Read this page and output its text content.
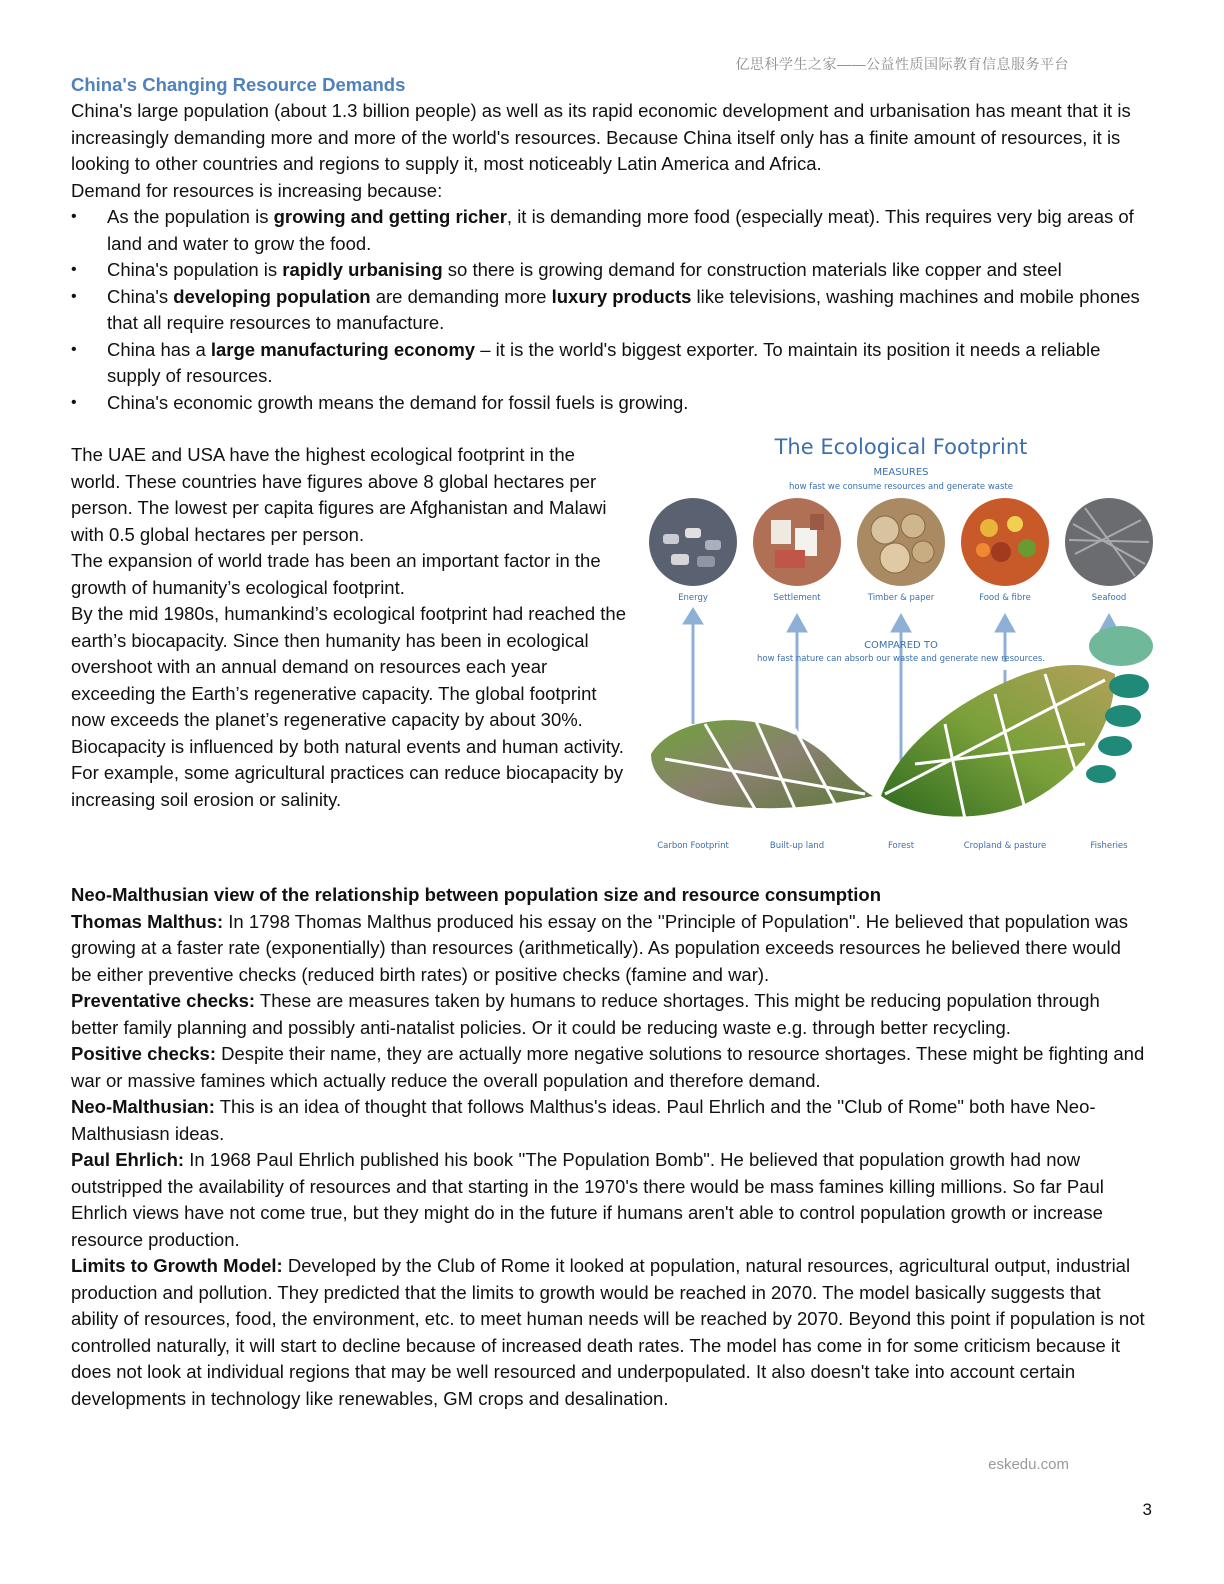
亿思科学生之家——公益性质国际教育信息服务平台
China's Changing Resource Demands

China's large population (about 1.3 billion people) as well as its rapid economic development and urbanisation has meant that it is increasingly demanding more and more of the world's resources. Because China itself only has a finite amount of resources, it is looking to other countries and regions to supply it, most noticeably Latin America and Africa.

Demand for resources is increasing because:

• As the population is growing and getting richer, it is demanding more food (especially meat). This requires very big areas of land and water to grow the food.
• China's population is rapidly urbanising so there is growing demand for construction materials like copper and steel
• China's developing population are demanding more luxury products like televisions, washing machines and mobile phones that all require resources to manufacture.
• China has a large manufacturing economy – it is the world's biggest exporter. To maintain its position it needs a reliable supply of resources.
• China's economic growth means the demand for fossil fuels is growing.

The UAE and USA have the highest ecological footprint in the world. These countries have figures above 8 global hectares per person. The lowest per capita figures are Afghanistan and Malawi with 0.5 global hectares per person.

The expansion of world trade has been an important factor in the growth of humanity’s ecological footprint.

By the mid 1980s, humankind’s ecological footprint had reached the earth’s biocapacity. Since then humanity has been in ecological overshoot with an annual demand on resources each year exceeding the Earth’s regenerative capacity. The global footprint now exceeds the planet’s regenerative capacity by about 30%.

Biocapacity is influenced by both natural events and human activity. For example, some agricultural practices can reduce biocapacity by increasing soil erosion or salinity.

The Ecological Footprint
MEASURES
how fast we consume resources and generate waste
Energy	Settlement	Timber & paper	Food & fibre	Seafood
COMPARED TO
how fast nature can absorb our waste and generate new resources.
Carbon Footprint	Built-up land	Forest	Cropland & pasture	Fisheries

Neo-Malthusian view of the relationship between population size and resource consumption

Thomas Malthus: In 1798 Thomas Malthus produced his essay on the ''Principle of Population". He believed that population was growing at a faster rate (exponentially) than resources (arithmetically). As population exceeds resources he believed there would be either preventive checks (reduced birth rates) or positive checks (famine and war).

Preventative checks: These are measures taken by humans to reduce shortages. This might be reducing population through better family planning and possibly anti-natalist policies. Or it could be reducing waste e.g. through better recycling.

Positive checks: Despite their name, they are actually more negative solutions to resource shortages. These might be fighting and war or massive famines which actually reduce the overall population and therefore demand.

Neo-Malthusian: This is an idea of thought that follows Malthus's ideas. Paul Ehrlich and the ''Club of Rome" both have Neo-Malthusiasn ideas.

Paul Ehrlich: In 1968 Paul Ehrlich published his book ''The Population Bomb". He believed that population growth had now outstripped the availability of resources and that starting in the 1970's there would be mass famines killing millions. So far Paul Ehrlich views have not come true, but they might do in the future if humans aren't able to control population growth or increase resource production.

Limits to Growth Model: Developed by the Club of Rome it looked at population, natural resources, agricultural output, industrial production and pollution. They predicted that the limits to growth would be reached in 2070. The model basically suggests that ability of resources, food, the environment, etc. to meet human needs will be reached by 2070. Beyond this point if population is not controlled naturally, it will start to decline because of increased death rates. The model has come in for some criticism because it does not look at individual regions that may be well resourced and underpopulated. It also doesn't take into account certain developments in technology like renewables, GM crops and desalination.

eskedu.com
3
